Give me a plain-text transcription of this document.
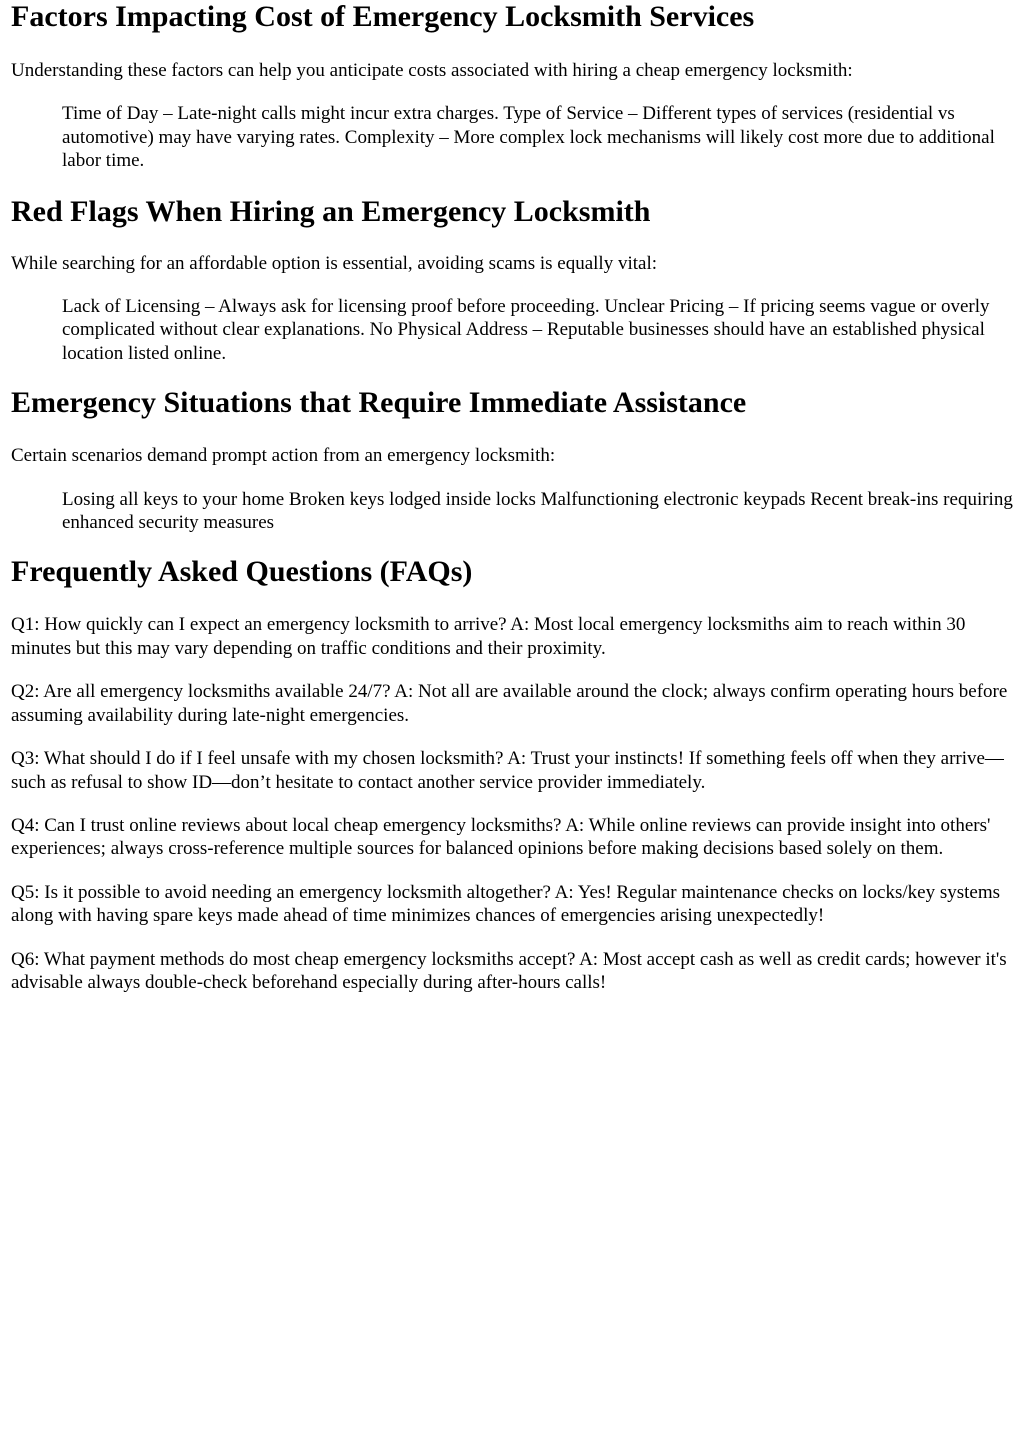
Factors Impacting Cost of Emergency Locksmith Services

Understanding these factors can help you anticipate costs associated with hiring a cheap emergency locksmith:

Time of Day – Late-night calls might incur extra charges. Type of Service – Different types of services (residential vs automotive) may have varying rates. Complexity – More complex lock mechanisms will likely cost more due to additional labor time.
Red Flags When Hiring an Emergency Locksmith

While searching for an affordable option is essential, avoiding scams is equally vital:

Lack of Licensing – Always ask for licensing proof before proceeding. Unclear Pricing – If pricing seems vague or overly complicated without clear explanations. No Physical Address – Reputable businesses should have an established physical location listed online.
Emergency Situations that Require Immediate Assistance

Certain scenarios demand prompt action from an emergency locksmith:

Losing all keys to your home Broken keys lodged inside locks Malfunctioning electronic keypads Recent break-ins requiring enhanced security measures
Frequently Asked Questions (FAQs)

Q1: How quickly can I expect an emergency locksmith to arrive? A: Most local emergency locksmiths aim to reach within 30 minutes but this may vary depending on traffic conditions and their proximity.

Q2: Are all emergency locksmiths available 24/7? A: Not all are available around the clock; always confirm operating hours before assuming availability during late-night emergencies.

Q3: What should I do if I feel unsafe with my chosen locksmith? A: Trust your instincts! If something feels off when they arrive—such as refusal to show ID—don’t hesitate to contact another service provider immediately.

Q4: Can I trust online reviews about local cheap emergency locksmiths? A: While online reviews can provide insight into others' experiences; always cross-reference multiple sources for balanced opinions before making decisions based solely on them.

Q5: Is it possible to avoid needing an emergency locksmith altogether? A: Yes! Regular maintenance checks on locks/key systems along with having spare keys made ahead of time minimizes chances of emergencies arising unexpectedly!

Q6: What payment methods do most cheap emergency locksmiths accept? A: Most accept cash as well as credit cards; however it's advisable always double-check beforehand especially during after-hours calls!
